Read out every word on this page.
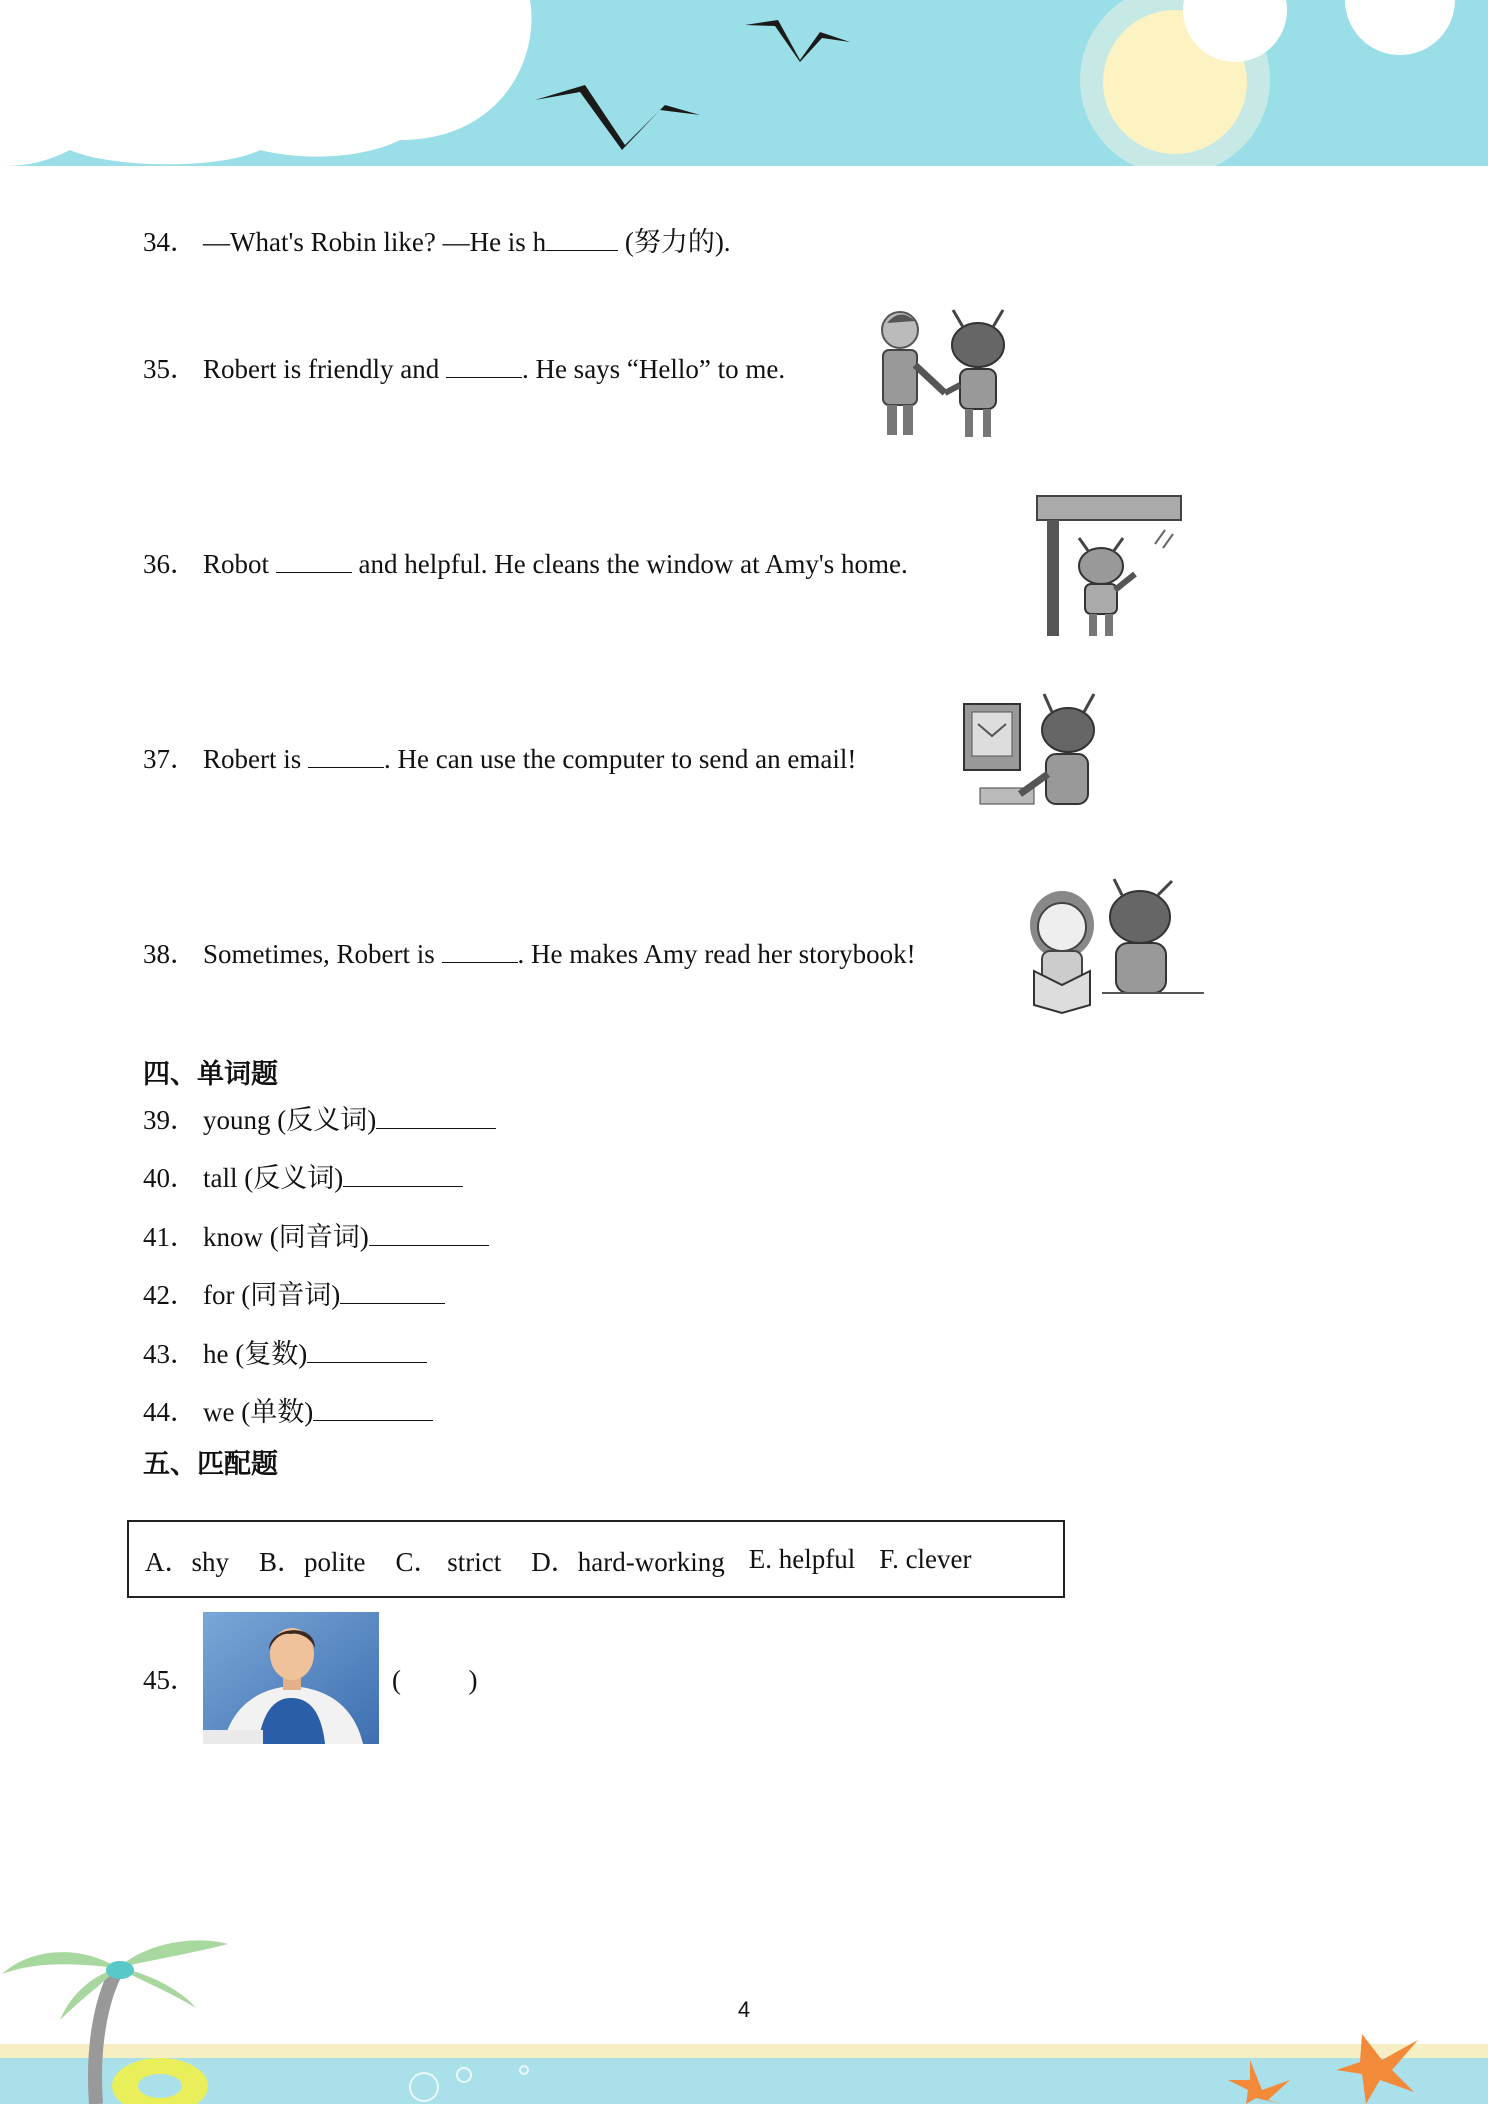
34． —What's Robin like? —He is h	(努力的).
35． Robert is friendly and	. He says “Hello” to me.
36． Robot	and helpful. He cleans the window at Amy's home.
37． Robert is	. He can use the computer to send an email!
38． Sometimes, Robert is	. He makes Amy read her storybook!
四、单词题
39． young (反义词)
40． tall (反义词)
41． know (同音词)
42． for (同音词)
43． he (复数)
44． we (单数)
五、匹配题
A．shy B．polite C． strict D．hard-working E. helpful F. clever
45．	(          )
4
